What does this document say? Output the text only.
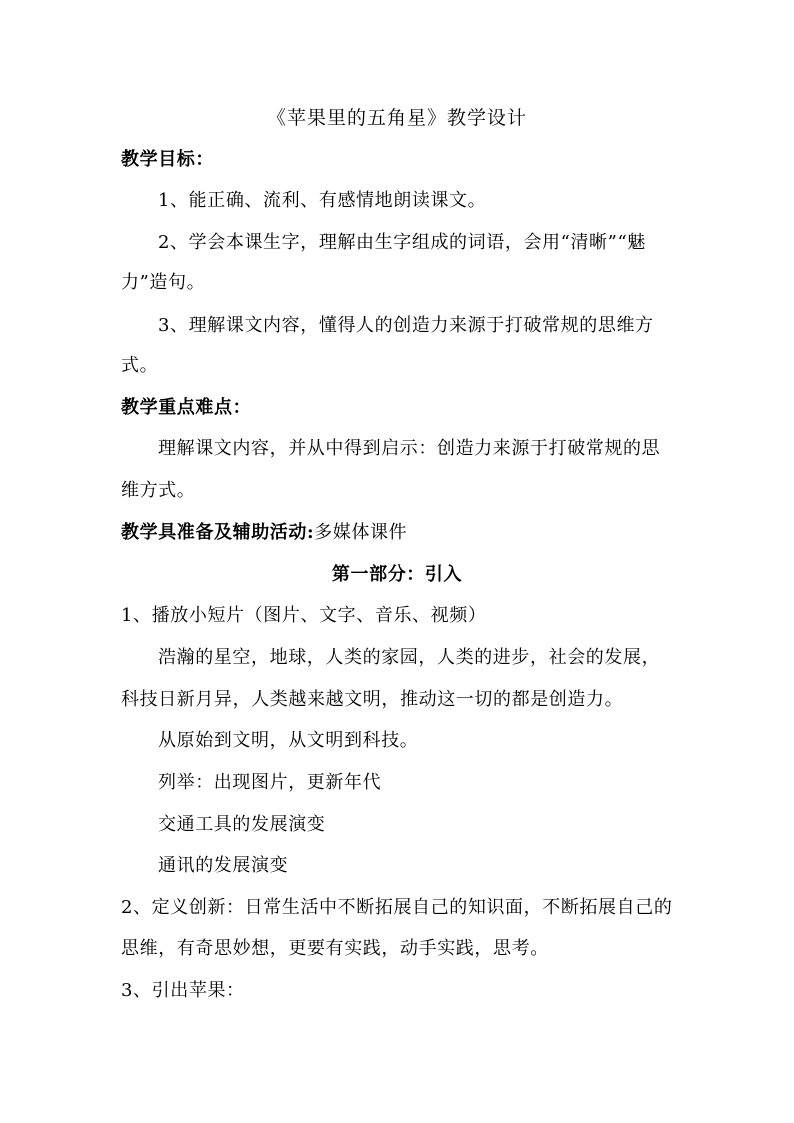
《苹果里的五角星》教学设计
教学目标：
1、能正确、流利、有感情地朗读课文。
2、学会本课生字，理解由生字组成的词语，会用“清晰”“魅
力”造句。
3、理解课文内容，懂得人的创造力来源于打破常规的思维方
式。
教学重点难点：
理解课文内容，并从中得到启示：创造力来源于打破常规的思
维方式。
教学具准备及辅助活动:多媒体课件
第一部分：引入
1、播放小短片（图片、文字、音乐、视频）
浩瀚的星空，地球，人类的家园，人类的进步，社会的发展，
科技日新月异，人类越来越文明，推动这一切的都是创造力。
从原始到文明，从文明到科技。
列举：出现图片，更新年代
交通工具的发展演变
通讯的发展演变
2、定义创新：日常生活中不断拓展自己的知识面，不断拓展自己的
思维，有奇思妙想，更要有实践，动手实践，思考。
3、引出苹果：
